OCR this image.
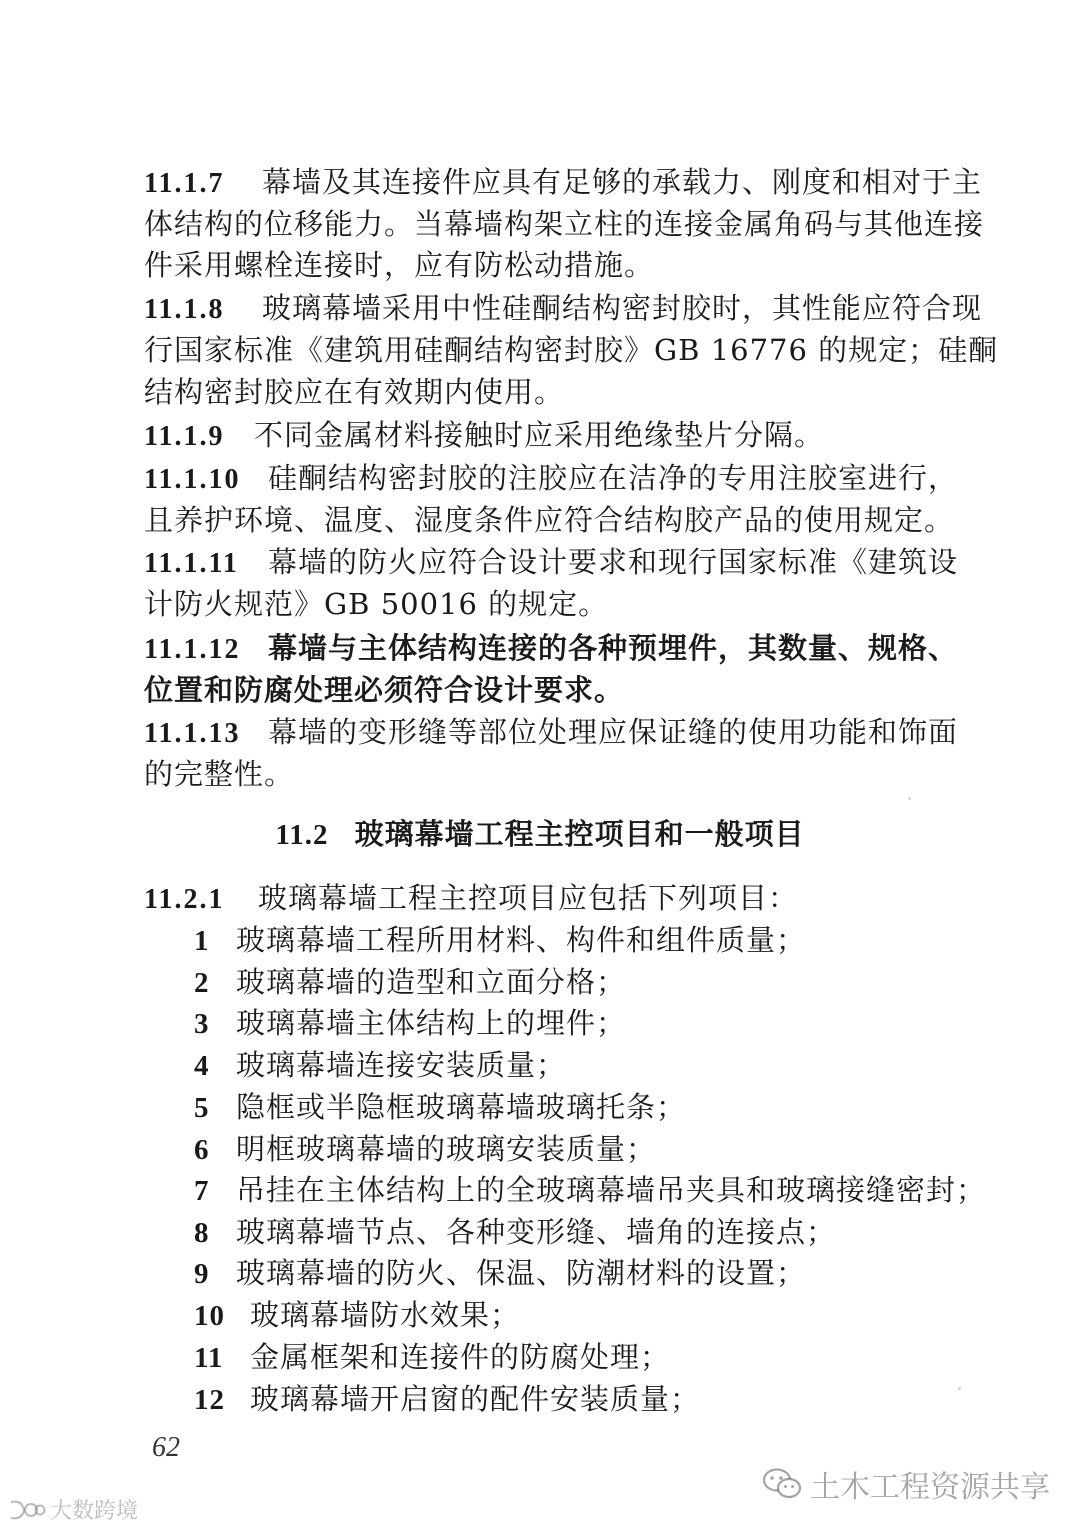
11.1.7 幕墙及其连接件应具有足够的承载力、刚度和相对于主
体结构的位移能力。当幕墙构架立柱的连接金属角码与其他连接
件采用螺栓连接时，应有防松动措施。
11.1.8 玻璃幕墙采用中性硅酮结构密封胶时，其性能应符合现
行国家标准《建筑用硅酮结构密封胶》GB 16776 的规定；硅酮
结构密封胶应在有效期内使用。
11.1.9 不同金属材料接触时应采用绝缘垫片分隔。
11.1.10 硅酮结构密封胶的注胶应在洁净的专用注胶室进行，
且养护环境、温度、湿度条件应符合结构胶产品的使用规定。
11.1.11 幕墙的防火应符合设计要求和现行国家标准《建筑设
计防火规范》GB 50016 的规定。
11.1.12 幕墙与主体结构连接的各种预埋件，其数量、规格、
位置和防腐处理必须符合设计要求。
11.1.13 幕墙的变形缝等部位处理应保证缝的使用功能和饰面
的完整性。
11.2 玻璃幕墙工程主控项目和一般项目
11.2.1 玻璃幕墙工程主控项目应包括下列项目：
1 玻璃幕墙工程所用材料、构件和组件质量；
2 玻璃幕墙的造型和立面分格；
3 玻璃幕墙主体结构上的埋件；
4 玻璃幕墙连接安装质量；
5 隐框或半隐框玻璃幕墙玻璃托条；
6 明框玻璃幕墙的玻璃安装质量；
7 吊挂在主体结构上的全玻璃幕墙吊夹具和玻璃接缝密封；
8 玻璃幕墙节点、各种变形缝、墙角的连接点；
9 玻璃幕墙的防火、保温、防潮材料的设置；
10 玻璃幕墙防水效果；
11 金属框架和连接件的防腐处理；
12 玻璃幕墙开启窗的配件安装质量；
62
土木工程资源共享
大数跨境
